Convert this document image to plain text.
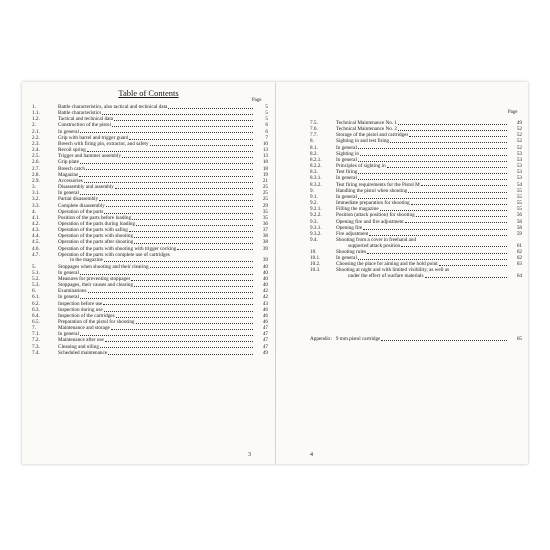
Table of Contents
Page
1.	Battle characteristics, also tactical and technical data	5
1.1.	Battle characteristics	5
1.2.	Tactical and technical data	5
2.	Construction of the pistol	6
2.1.	In general	6
2.2.	Grip with barrel and trigger guard	7
2.3.	Breech with firing pin, extractor, and safety	10
2.4.	Recoil spring	13
2.5.	Trigger and hammer assembly	13
2.6.	Grip plate	18
2.7.	Breech catch	18
2.8.	Magazine	19
2.9.	Accessories	21
3.	Disassembly and assembly	25
3.1.	In general	25
3.2.	Partial disassembly	25
3.3.	Complete disassembly	29
4.	Operation of the parts	35
4.1.	Position of the parts before loading	35
4.2.	Operation of the parts during loading	36
4.3.	Operation of the parts with safing	37
4.4.	Operation of the parts with shooting	38
4.5.	Operation of the parts after shooting	38
4.6.	Operation of the parts with shooting with trigger cocking	39
4.7.	Operation of the parts with complete use of cartridges
in the magazine	39
5.	Stoppages when shooting and their clearing	40
5.1.	In general	40
5.2.	Measures for preventing stoppages	40
5.3.	Stoppages, their causes and clearing	40
6.	Examinations	42
6.1.	In general	42
6.2.	Inspection before use	43
6.3.	Inspection during use	46
6.4.	Inspection of the cartridges	46
6.5.	Preparation of the pistol for shooting	46
7.	Maintenance and storage	47
7.1.	In general	47
7.2.	Maintenance after use	47
7.3.	Cleaning and oiling	47
7.4.	Scheduled maintenance	49
3
Page
7.5.	Technical Maintenance No. 1	49
7.6.	Technical Maintenance No. 2	52
7.7.	Storage of the pistol and cartridges	52
8.	Sighting in and test firing	52
8.1.	In general	52
8.2.	Sighting in	53
8.2.1.	In general	53
8.2.2.	Principles of sighting in	53
8.3.	Test firing	53
8.3.1.	In general	53
8.3.2.	Test firing requirements for the Pistol M	54
9.	Handling the pistol when shooting	55
9.1.	In general	55
9.2.	Immediate preparation for shooting	55
9.2.1.	Filling the magazine	55
9.2.2.	Position (attack position) for shooting	56
9.3.	Opening fire and fire adjustment	58
9.3.1.	Opening fire	58
9.3.2.	Fire adjustment	59
9.4.	Shooting from a cover in freehand and
supported attack position	61
10.	Shooting rules	62
10.1.	In general	62
10.2.	Choosing the place for aiming and the hold point	63
10.3.	Shooting at night and with limited visibility, as well as
under the effect of warfare materials	64
Appendix: 9 mm pistol cartridge	65
4
